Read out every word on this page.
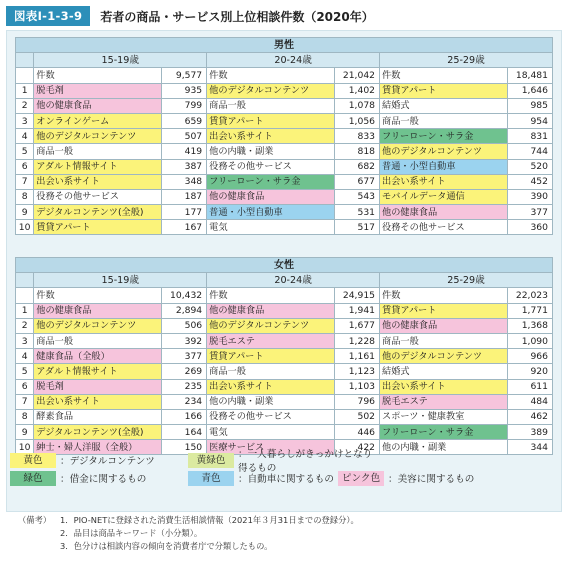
図表Ⅰ-1-3-9	若者の商品・サービス別上位相談件数（2020年）
男性						
	15-19歳		20-24歳		25-29歳	
	件数	9,577	件数	21,042	件数	18,481
1	脱毛剤	935	他のデジタルコンテンツ	1,402	賃貸アパート	1,646
2	他の健康食品	799	商品一般	1,078	結婚式	985
3	オンラインゲーム	659	賃貸アパート	1,056	商品一般	954
4	他のデジタルコンテンツ	507	出会い系サイト	833	フリーローン・サラ金	831
5	商品一般	419	他の内職・副業	818	他のデジタルコンテンツ	744
6	アダルト情報サイト	387	役務その他サービス	682	普通・小型自動車	520
7	出会い系サイト	348	フリーローン・サラ金	677	出会い系サイト	452
8	役務その他サービス	187	他の健康食品	543	モバイルデータ通信	390
9	デジタルコンテンツ(全般)	177	普通・小型自動車	531	他の健康食品	377
10	賃貸アパート	167	電気	517	役務その他サービス	360
女性						
	15-19歳		20-24歳		25-29歳	
	件数	10,432	件数	24,915	件数	22,023
1	他の健康食品	2,894	他の健康食品	1,941	賃貸アパート	1,771
2	他のデジタルコンテンツ	506	他のデジタルコンテンツ	1,677	他の健康食品	1,368
3	商品一般	392	脱毛エステ	1,228	商品一般	1,090
4	健康食品（全般）	377	賃貸アパート	1,161	他のデジタルコンテンツ	966
5	アダルト情報サイト	269	商品一般	1,123	結婚式	920
6	脱毛剤	235	出会い系サイト	1,103	出会い系サイト	611
7	出会い系サイト	234	他の内職・副業	796	脱毛エステ	484
8	酵素食品	166	役務その他サービス	502	スポーツ・健康教室	462
9	デジタルコンテンツ(全般)	164	電気	446	フリーローン・サラ金	389
10	紳士・婦人洋服（全般）	150	医療サービス	422	他の内職・副業	344
黄色	：デジタルコンテンツ	黄緑色	：一人暮らしがきっかけとなり得るもの
緑色	：借金に関するもの	青色	：自動車に関するもの ピンク色 ：美容に関するもの
（備考） 1．PIO-NETに登録された消費生活相談情報（2021年３月31日までの登録分）。
2．品目は商品キーワード（小分類）。
3．色分けは相談内容の傾向を消費者庁で分類したもの。
